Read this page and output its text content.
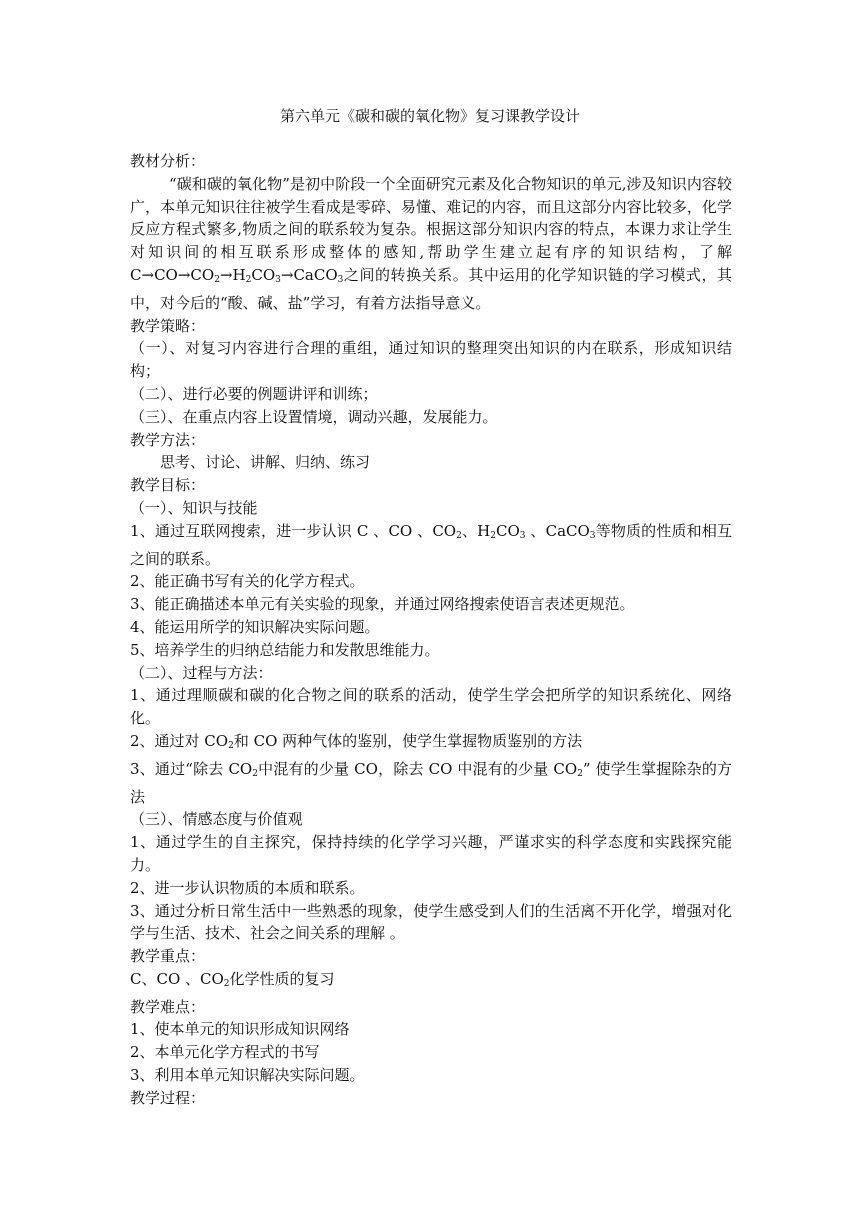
第六单元《碳和碳的氧化物》复习课教学设计

教材分析：

“碳和碳的氧化物”是初中阶段一个全面研究元素及化合物知识的单元,涉及知识内容较广，本单元知识往往被学生看成是零碎、易懂、难记的内容，而且这部分内容比较多，化学反应方程式繁多,物质之间的联系较为复杂。根据这部分知识内容的特点，本课力求让学生对知识间的相互联系形成整体的感知,帮助学生建立起有序的知识结构，了解$C\to CO\to CO_2\to H_2CO_3\to CaCO_3$之间的转换关系。其中运用的化学知识链的学习模式，其中，对今后的“酸、碱、盐”学习，有着方法指导意义。

教学策略：

（一）、对复习内容进行合理的重组，通过知识的整理突出知识的内在联系，形成知识结构；

（二）、进行必要的例题讲评和训练；

（三）、在重点内容上设置情境，调动兴趣，发展能力。

教学方法：

思考、讨论、讲解、归纳、练习

教学目标：

（一）、知识与技能

1、通过互联网搜索，进一步认识 C 、CO 、$CO_2$、$H_2CO_3$ 、CaCO$_3$等物质的性质和相互之间的联系。

2、能正确书写有关的化学方程式。

3、能正确描述本单元有关实验的现象，并通过网络搜索使语言表述更规范。

4、能运用所学的知识解决实际问题。

5、培养学生的归纳总结能力和发散思维能力。

（二）、过程与方法：

1、通过理顺碳和碳的化合物之间的联系的活动，使学生学会把所学的知识系统化、网络化。

2、通过对 $CO_2$和 CO 两种气体的鉴别，使学生掌握物质鉴别的方法

3、通过“除去 $CO_2$中混有的少量 CO，除去 CO 中混有的少量 $CO_2$” 使学生掌握除杂的方法

（三）、情感态度与价值观

1、通过学生的自主探究，保持持续的化学学习兴趣，严谨求实的科学态度和实践探究能力。

2、进一步认识物质的本质和联系。

3、通过分析日常生活中一些熟悉的现象，使学生感受到人们的生活离不开化学，增强对化学与生活、技术、社会之间关系的理解 。

教学重点：

C、CO 、$CO_2$化学性质的复习

教学难点：

1、使本单元的知识形成知识网络

2、本单元化学方程式的书写

3、利用本单元知识解决实际问题。

教学过程：
